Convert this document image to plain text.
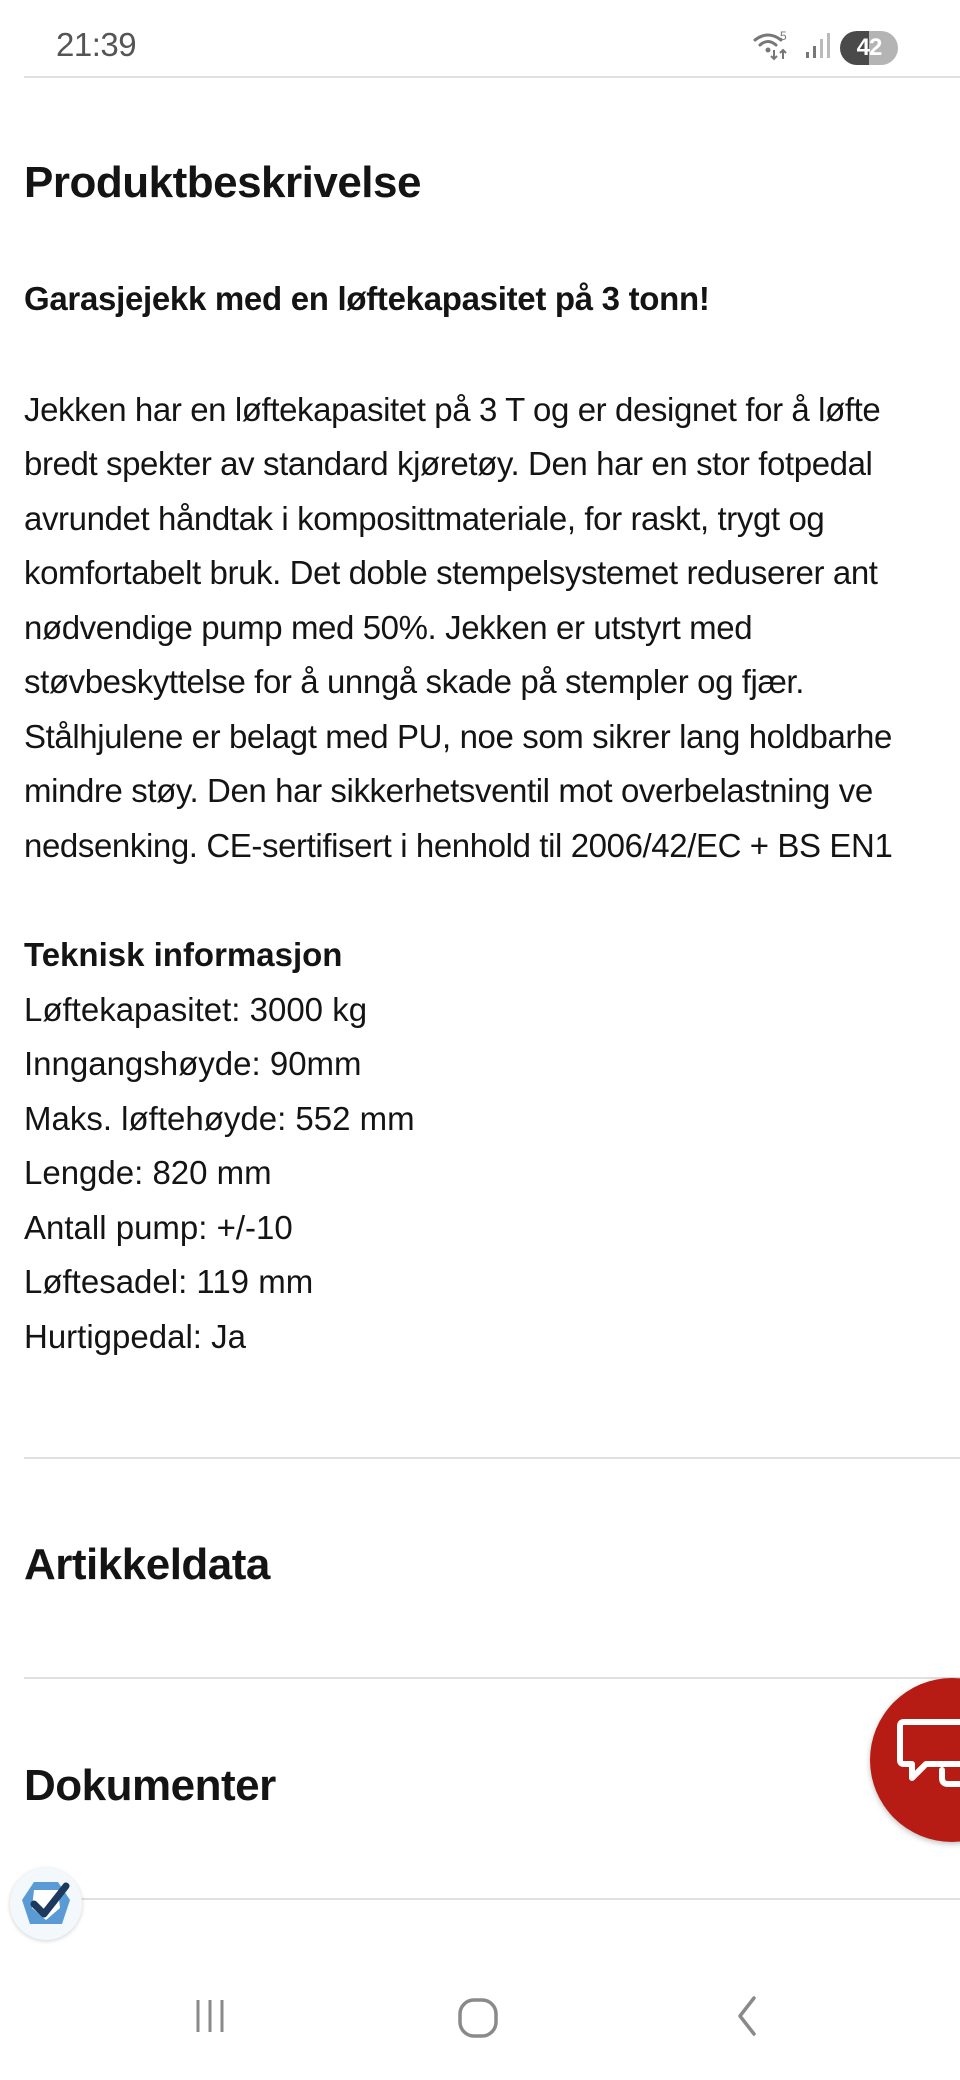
21:39	5	42
Produktbeskrivelse
Garasjejekk med en løftekapasitet på 3 tonn!
Jekken har en løftekapasitet på 3 T og er designet for å løfte
bredt spekter av standard kjøretøy. Den har en stor fotpedal
avrundet håndtak i komposittmateriale, for raskt, trygt og
komfortabelt bruk. Det doble stempelsystemet reduserer ant
nødvendige pump med 50%. Jekken er utstyrt med
støvbeskyttelse for å unngå skade på stempler og fjær.
Stålhjulene er belagt med PU, noe som sikrer lang holdbarhe
mindre støy. Den har sikkerhetsventil mot overbelastning ve
nedsenking. CE-sertifisert i henhold til 2006/42/EC + BS EN1
Teknisk informasjon
Løftekapasitet: 3000 kg
Inngangshøyde: 90mm
Maks. løftehøyde: 552 mm
Lengde: 820 mm
Antall pump: +/-10
Løftesadel: 119 mm
Hurtigpedal: Ja
Artikkeldata
Dokumenter
